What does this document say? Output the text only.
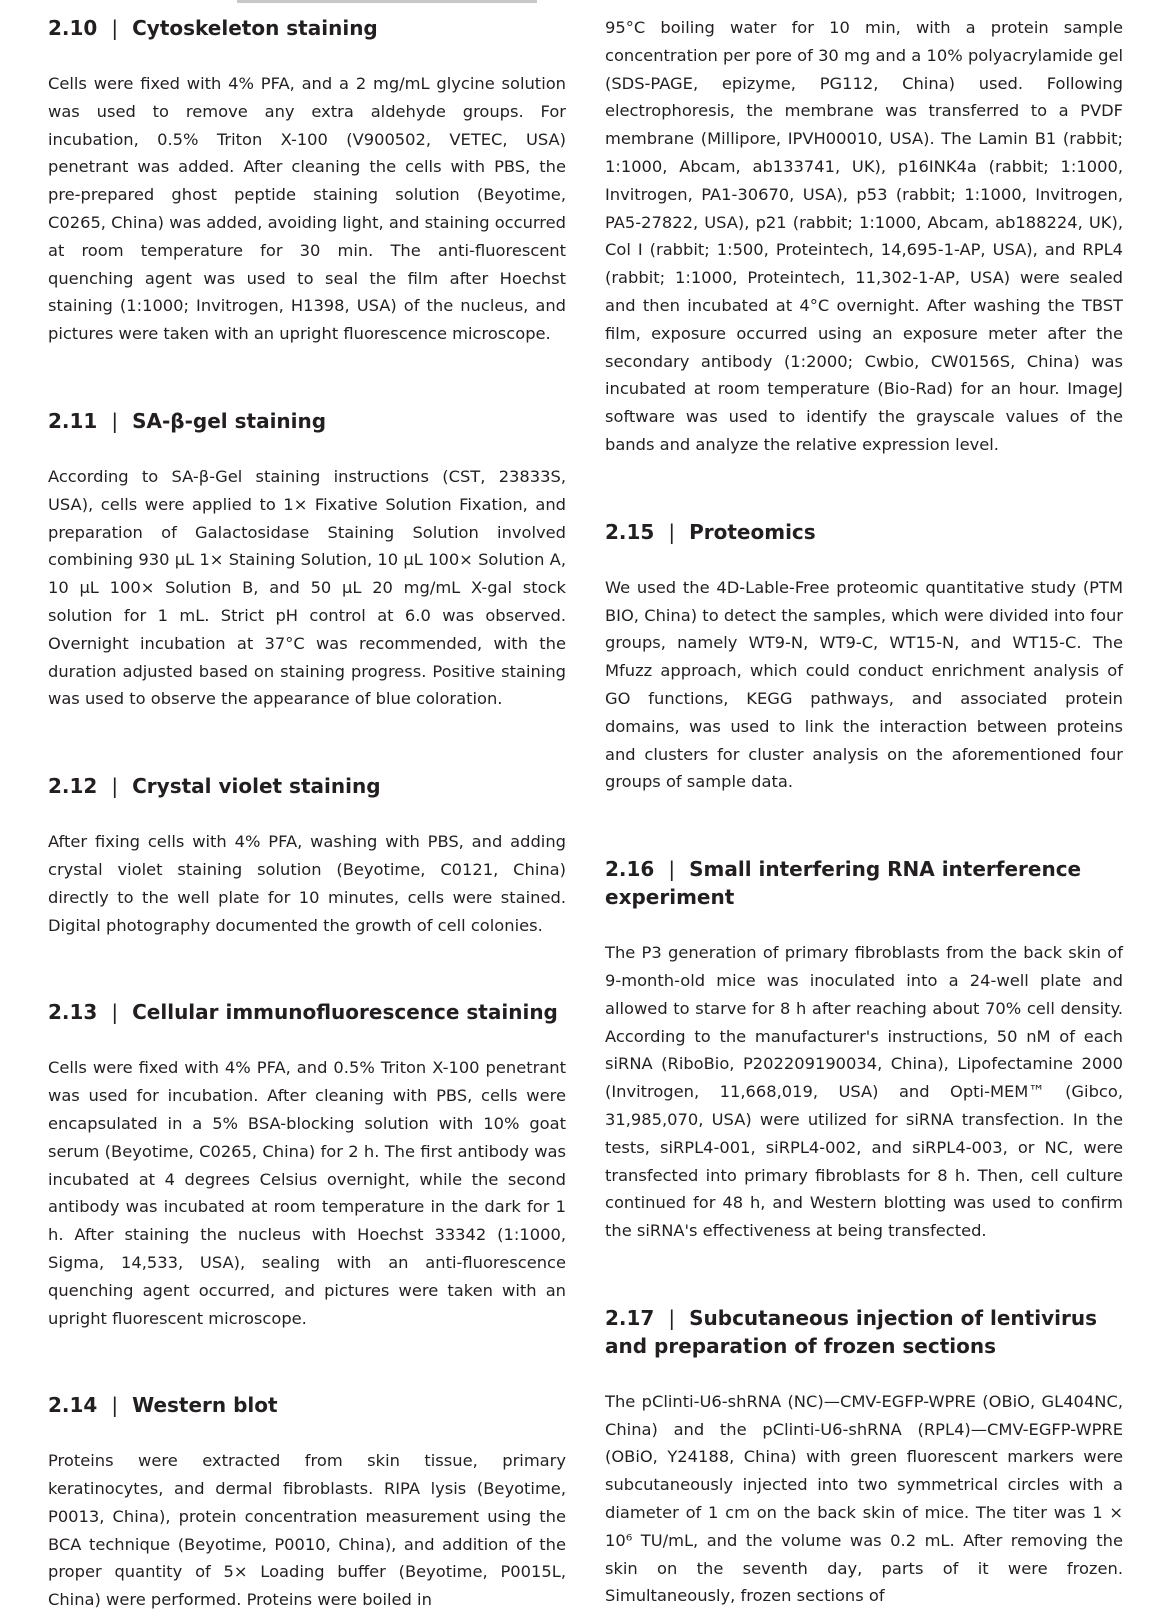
2.10 | Cytoskeleton staining

Cells were fixed with 4% PFA, and a 2 mg/mL glycine solution was used to remove any extra aldehyde groups. For incubation, 0.5% Triton X-100 (V900502, VETEC, USA) penetrant was added. After cleaning the cells with PBS, the pre-prepared ghost peptide staining solution (Beyotime, C0265, China) was added, avoiding light, and staining occurred at room temperature for 30 min. The anti-fluorescent quenching agent was used to seal the film after Hoechst staining (1:1000; Invitrogen, H1398, USA) of the nucleus, and pictures were taken with an upright fluorescence microscope.

2.11 | SA-β-gel staining

According to SA-β-Gel staining instructions (CST, 23833S, USA), cells were applied to 1× Fixative Solution Fixation, and preparation of Galactosidase Staining Solution involved combining 930 μL 1× Staining Solution, 10 μL 100× Solution A, 10 μL 100× Solution B, and 50 μL 20 mg/mL X-gal stock solution for 1 mL. Strict pH control at 6.0 was observed. Overnight incubation at 37°C was recommended, with the duration adjusted based on staining progress. Positive staining was used to observe the appearance of blue coloration.

2.12 | Crystal violet staining

After fixing cells with 4% PFA, washing with PBS, and adding crystal violet staining solution (Beyotime, C0121, China) directly to the well plate for 10 minutes, cells were stained. Digital photography documented the growth of cell colonies.

2.13 | Cellular immunofluorescence staining

Cells were fixed with 4% PFA, and 0.5% Triton X-100 penetrant was used for incubation. After cleaning with PBS, cells were encapsulated in a 5% BSA-blocking solution with 10% goat serum (Beyotime, C0265, China) for 2 h. The first antibody was incubated at 4 degrees Celsius overnight, while the second antibody was incubated at room temperature in the dark for 1 h. After staining the nucleus with Hoechst 33342 (1:1000, Sigma, 14,533, USA), sealing with an anti-fluorescence quenching agent occurred, and pictures were taken with an upright fluorescent microscope.

2.14 | Western blot

Proteins were extracted from skin tissue, primary keratinocytes, and dermal fibroblasts. RIPA lysis (Beyotime, P0013, China), protein concentration measurement using the BCA technique (Beyotime, P0010, China), and addition of the proper quantity of 5× Loading buffer (Beyotime, P0015L, China) were performed. Proteins were boiled in

95°C boiling water for 10 min, with a protein sample concentration per pore of 30 mg and a 10% polyacrylamide gel (SDS-PAGE, epizyme, PG112, China) used. Following electrophoresis, the membrane was transferred to a PVDF membrane (Millipore, IPVH00010, USA). The Lamin B1 (rabbit; 1:1000, Abcam, ab133741, UK), p16INK4a (rabbit; 1:1000, Invitrogen, PA1-30670, USA), p53 (rabbit; 1:1000, Invitrogen, PA5-27822, USA), p21 (rabbit; 1:1000, Abcam, ab188224, UK), Col I (rabbit; 1:500, Proteintech, 14,695-1-AP, USA), and RPL4 (rabbit; 1:1000, Proteintech, 11,302-1-AP, USA) were sealed and then incubated at 4°C overnight. After washing the TBST film, exposure occurred using an exposure meter after the secondary antibody (1:2000; Cwbio, CW0156S, China) was incubated at room temperature (Bio-Rad) for an hour. ImageJ software was used to identify the grayscale values of the bands and analyze the relative expression level.

2.15 | Proteomics

We used the 4D-Lable-Free proteomic quantitative study (PTM BIO, China) to detect the samples, which were divided into four groups, namely WT9-N, WT9-C, WT15-N, and WT15-C. The Mfuzz approach, which could conduct enrichment analysis of GO functions, KEGG pathways, and associated protein domains, was used to link the interaction between proteins and clusters for cluster analysis on the aforementioned four groups of sample data.

2.16 | Small interfering RNA interference experiment

The P3 generation of primary fibroblasts from the back skin of 9-month-old mice was inoculated into a 24-well plate and allowed to starve for 8 h after reaching about 70% cell density. According to the manufacturer's instructions, 50 nM of each siRNA (RiboBio, P202209190034, China), Lipofectamine 2000 (Invitrogen, 11,668,019, USA) and Opti-MEM™ (Gibco, 31,985,070, USA) were utilized for siRNA transfection. In the tests, siRPL4-001, siRPL4-002, and siRPL4-003, or NC, were transfected into primary fibroblasts for 8 h. Then, cell culture continued for 48 h, and Western blotting was used to confirm the siRNA's effectiveness at being transfected.

2.17 | Subcutaneous injection of lentivirus and preparation of frozen sections

The pClinti-U6-shRNA (NC)—CMV-EGFP-WPRE (OBiO, GL404NC, China) and the pClinti-U6-shRNA (RPL4)—CMV-EGFP-WPRE (OBiO, Y24188, China) with green fluorescent markers were subcutaneously injected into two symmetrical circles with a diameter of 1 cm on the back skin of mice. The titer was 1 × 10⁶ TU/mL, and the volume was 0.2 mL. After removing the skin on the seventh day, parts of it were frozen. Simultaneously, frozen sections of
